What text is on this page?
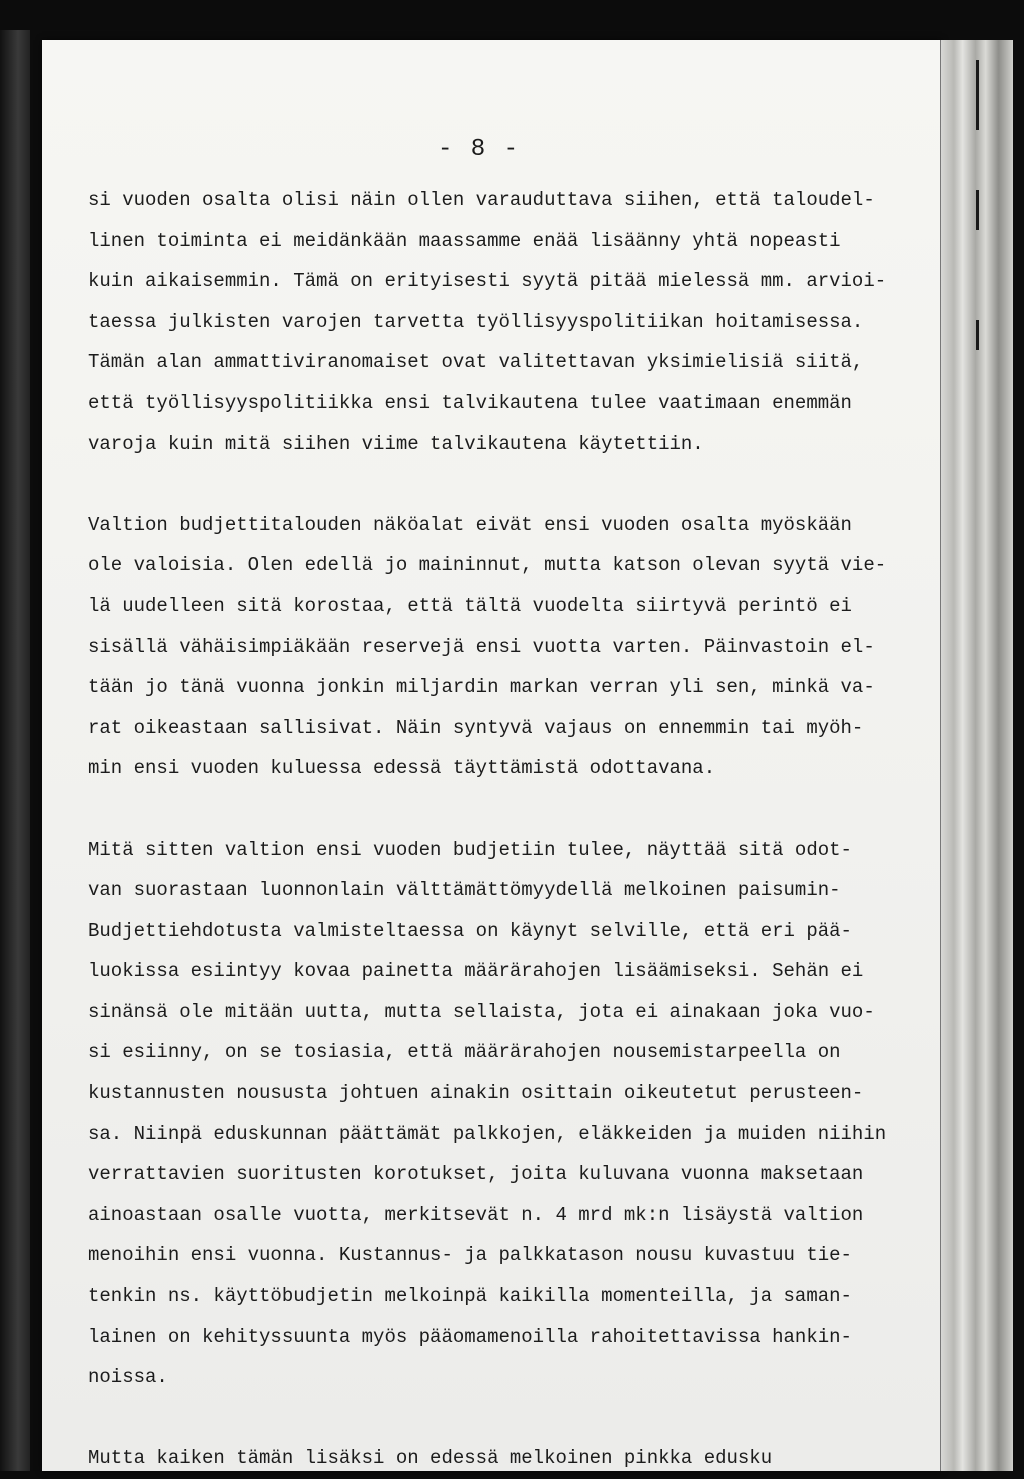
- 8 -

si vuoden osalta olisi näin ollen varauduttava siihen, että taloudel-

linen toiminta ei meidänkään maassamme enää lisäänny yhtä nopeasti

kuin aikaisemmin. Tämä on erityisesti syytä pitää mielessä mm. arvioi-

taessa julkisten varojen tarvetta työllisyyspolitiikan hoitamisessa.

Tämän alan ammattiviranomaiset ovat valitettavan yksimielisiä siitä,

että työllisyyspolitiikka ensi talvikautena tulee vaatimaan enemmän

varoja kuin mitä siihen viime talvikautena käytettiin.

Valtion budjettitalouden näköalat eivät ensi vuoden osalta myöskään

ole valoisia. Olen edellä jo maininnut, mutta katson olevan syytä vie-

lä uudelleen sitä korostaa, että tältä vuodelta siirtyvä perintö ei

sisällä vähäisimpiäkään reservejä ensi vuotta varten. Päinvastoin el-

tään jo tänä vuonna jonkin miljardin markan verran yli sen, minkä va-

rat oikeastaan sallisivat. Näin syntyvä vajaus on ennemmin tai myöh-

min ensi vuoden kuluessa edessä täyttämistä odottavana.

Mitä sitten valtion ensi vuoden budjetiin tulee, näyttää sitä odot-

van suorastaan luonnonlain välttämättömyydellä melkoinen paisumin-

Budjettiehdotusta valmisteltaessa on käynyt selville, että eri pää-

luokissa esiintyy kovaa painetta määrärahojen lisäämiseksi. Sehän ei

sinänsä ole mitään uutta, mutta sellaista, jota ei ainakaan joka vuo-

si esiinny, on se tosiasia, että määrärahojen nousemistarpeella on

kustannusten noususta johtuen ainakin osittain oikeutetut perusteen-

sa. Niinpä eduskunnan päättämät palkkojen, eläkkeiden ja muiden niihin

verrattavien suoritusten korotukset, joita kuluvana vuonna maksetaan

ainoastaan osalle vuotta, merkitsevät n. 4 mrd mk:n lisäystä valtion

menoihin ensi vuonna. Kustannus- ja palkkatason nousu kuvastuu tie-

tenkin ns. käyttöbudjetin melkoinpä kaikilla momenteilla, ja saman-

lainen on kehityssuunta myös pääomamenoilla rahoitettavissa hankin-

noissa.

Mutta kaiken tämän lisäksi on edessä melkoinen pinkka edusku
